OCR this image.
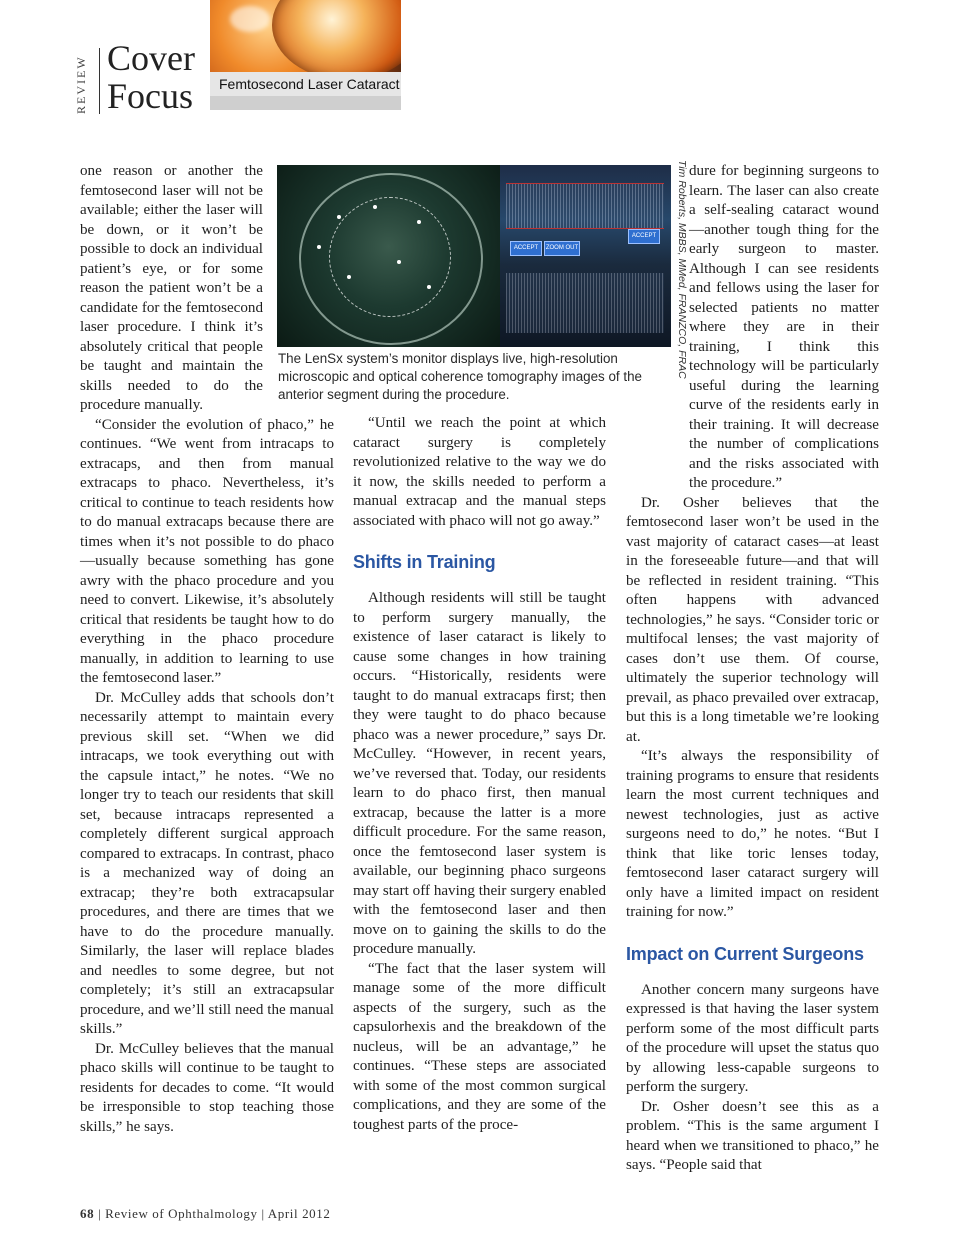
REVIEW Cover
Focus Femtosecond Laser Cataract

one reason or another the femtosecond laser will not be available; either the laser will be down, or it won’t be possible to dock an individual patient’s eye, or for some reason the patient won’t be a candidate for the femtosecond laser procedure. I think it’s absolutely critical that people be taught and maintain the skills needed to do the procedure manually.

“Consider the evolution of phaco,” he continues. “We went from intracaps to extracaps, and then from manual extracaps to phaco. Nevertheless, it’s critical to continue to teach residents how to do manual extracaps because there are times when it’s not possible to do phaco—usually because something has gone awry with the phaco procedure and you need to convert. Likewise, it’s absolutely critical that residents be taught how to do everything in the phaco procedure manually, in addition to learning to use the femtosecond laser.”

Dr. McCulley adds that schools don’t necessarily attempt to maintain every previous skill set. “When we did intracaps, we took everything out with the capsule intact,” he notes. “We no longer try to teach our residents that skill set, because intracaps represented a completely different surgical approach compared to extracaps. In contrast, phaco is a mechanized way of doing an extracap; they’re both extracapsular procedures, and there are times that we have to do the procedure manually. Similarly, the laser will replace blades and needles to some degree, but not completely; it’s still an extracapsular procedure, and we’ll still need the manual skills.”

Dr. McCulley believes that the manual phaco skills will continue to be taught to residents for decades to come. “It would be irresponsible to stop teaching those skills,” he says.

ACCEPT	ZOOM OUT
ACCEPT
The LenSx system’s monitor displays live, high-resolution microscopic and optical coherence tomography images of the anterior segment during the procedure.
Tim Roberts, MBBS, MMed, FRANZCO, FRAC

“Until we reach the point at which cataract surgery is completely revolutionized relative to the way we do it now, the skills needed to perform a manual extracap and the manual steps associated with phaco will not go away.”

Shifts in Training

Although residents will still be taught to perform surgery manually, the existence of laser cataract is likely to cause some changes in how training occurs. “Historically, residents were taught to do manual extracaps first; then they were taught to do phaco because phaco was a newer procedure,” says Dr. McCulley. “However, in recent years, we’ve reversed that. Today, our residents learn to do phaco first, then manual extracap, because the latter is a more difficult procedure. For the same reason, once the femtosecond laser system is available, our beginning phaco surgeons may start off having their surgery enabled with the femtosecond laser and then move on to gaining the skills to do the procedure manually.

“The fact that the laser system will manage some of the more difficult aspects of the surgery, such as the capsulorhexis and the breakdown of the nucleus, will be an advantage,” he continues. “These steps are associated with some of the most common surgical complications, and they are some of the toughest parts of the proce-

dure for beginning surgeons to learn. The laser can also create a self-sealing cataract wound—another tough thing for the early surgeon to master. Although I can see residents and fellows using the laser for selected patients no matter where they are in their training, I think this technology will be particularly useful during the learning curve of the residents early in their training. It will decrease the number of complications and the risks associated with the procedure.”

Dr. Osher believes that the femtosecond laser won’t be used in the vast majority of cataract cases—at least in the foreseeable future—and that will be reflected in resident training. “This often happens with advanced technologies,” he says. “Consider toric or multifocal lenses; the vast majority of cases don’t use them. Of course, ultimately the superior technology will prevail, as phaco prevailed over extracap, but this is a long timetable we’re looking at.

“It’s always the responsibility of training programs to ensure that residents learn the most current techniques and newest technologies, just as active surgeons need to do,” he notes. “But I think that like toric lenses today, femtosecond laser cataract surgery will only have a limited impact on resident training for now.”

Impact on Current Surgeons

Another concern many surgeons have expressed is that having the laser system perform some of the most difficult parts of the procedure will upset the status quo by allowing less-capable surgeons to perform the surgery.

Dr. Osher doesn’t see this as a problem. “This is the same argument I heard when we transitioned to phaco,” he says. “People said that

68 | Review of Ophthalmology | April 2012
